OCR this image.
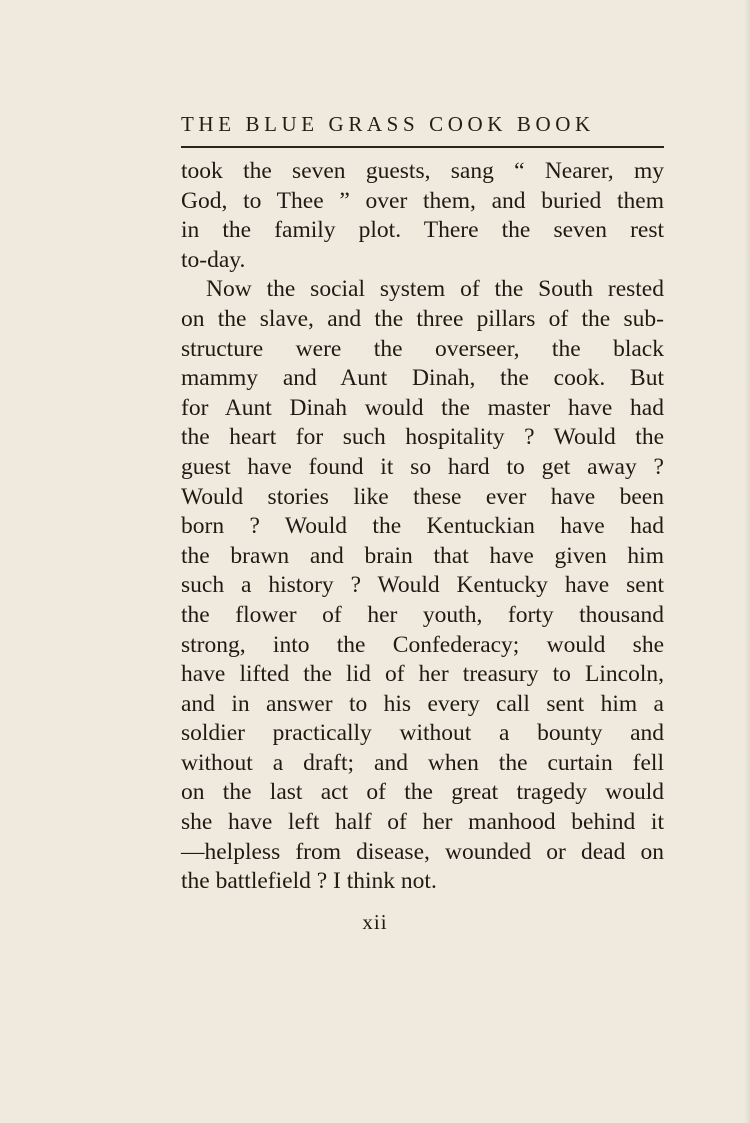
THE BLUE GRASS COOK BOOK
took the seven guests, sang “ Nearer, my
God, to Thee ” over them, and buried them
in the family plot. There the seven rest
to-day.
Now the social system of the South rested
on the slave, and the three pillars of the sub-
structure were the overseer, the black
mammy and Aunt Dinah, the cook. But
for Aunt Dinah would the master have had
the heart for such hospitality ? Would the
guest have found it so hard to get away ?
Would stories like these ever have been
born ? Would the Kentuckian have had
the brawn and brain that have given him
such a history ? Would Kentucky have sent
the flower of her youth, forty thousand
strong, into the Confederacy; would she
have lifted the lid of her treasury to Lincoln,
and in answer to his every call sent him a
soldier practically without a bounty and
without a draft; and when the curtain fell
on the last act of the great tragedy would
she have left half of her manhood behind it
—helpless from disease, wounded or dead on
the battlefield ? I think not.
xii
